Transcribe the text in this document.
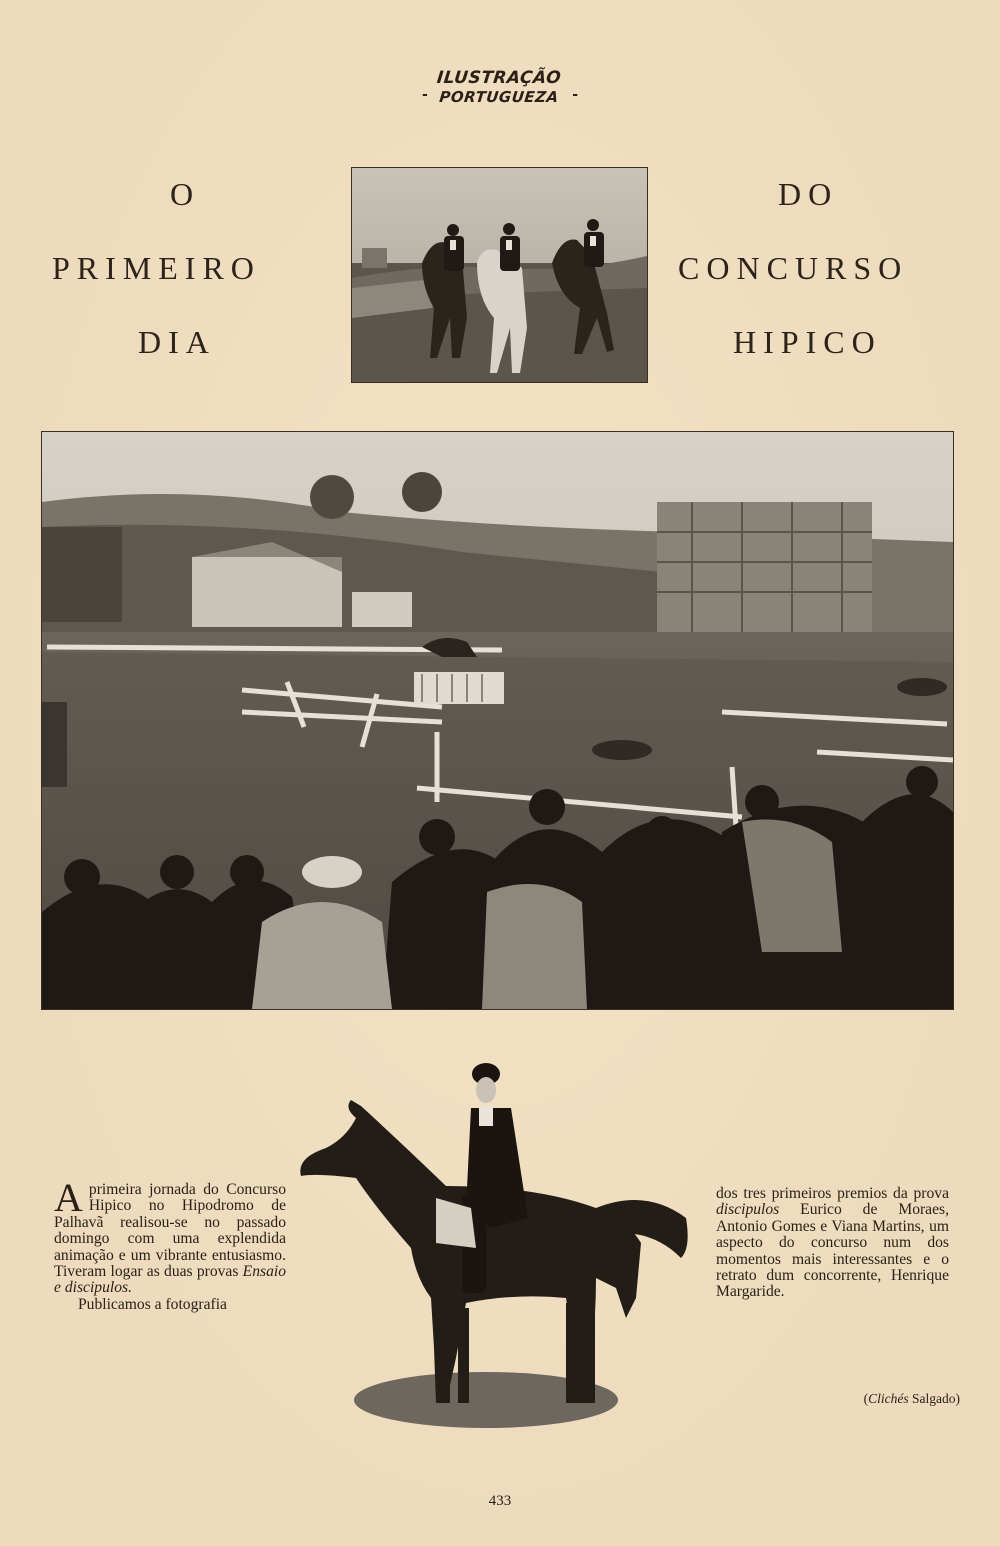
-
ILUSTRAÇÃO
PORTUGUEZA -
O
PRIMEIRO
DIA
DO
CONCURSO
HIPICO

A primeira jornada do Concurso Hipico no Hipodromo de Palhavã realisou-se no passado domingo com uma explendida animação e um vibrante entusiasmo. Tiveram logar as duas provas Ensaio e discipulos.

Publicamos a fotografia

dos tres primeiros premios da prova discipulos Eurico de Moraes, Antonio Gomes e Viana Martins, um aspecto do concurso num dos momentos mais interessantes e o retrato dum concorrente, Henrique Margaride.

(Clichés Salgado)
433
